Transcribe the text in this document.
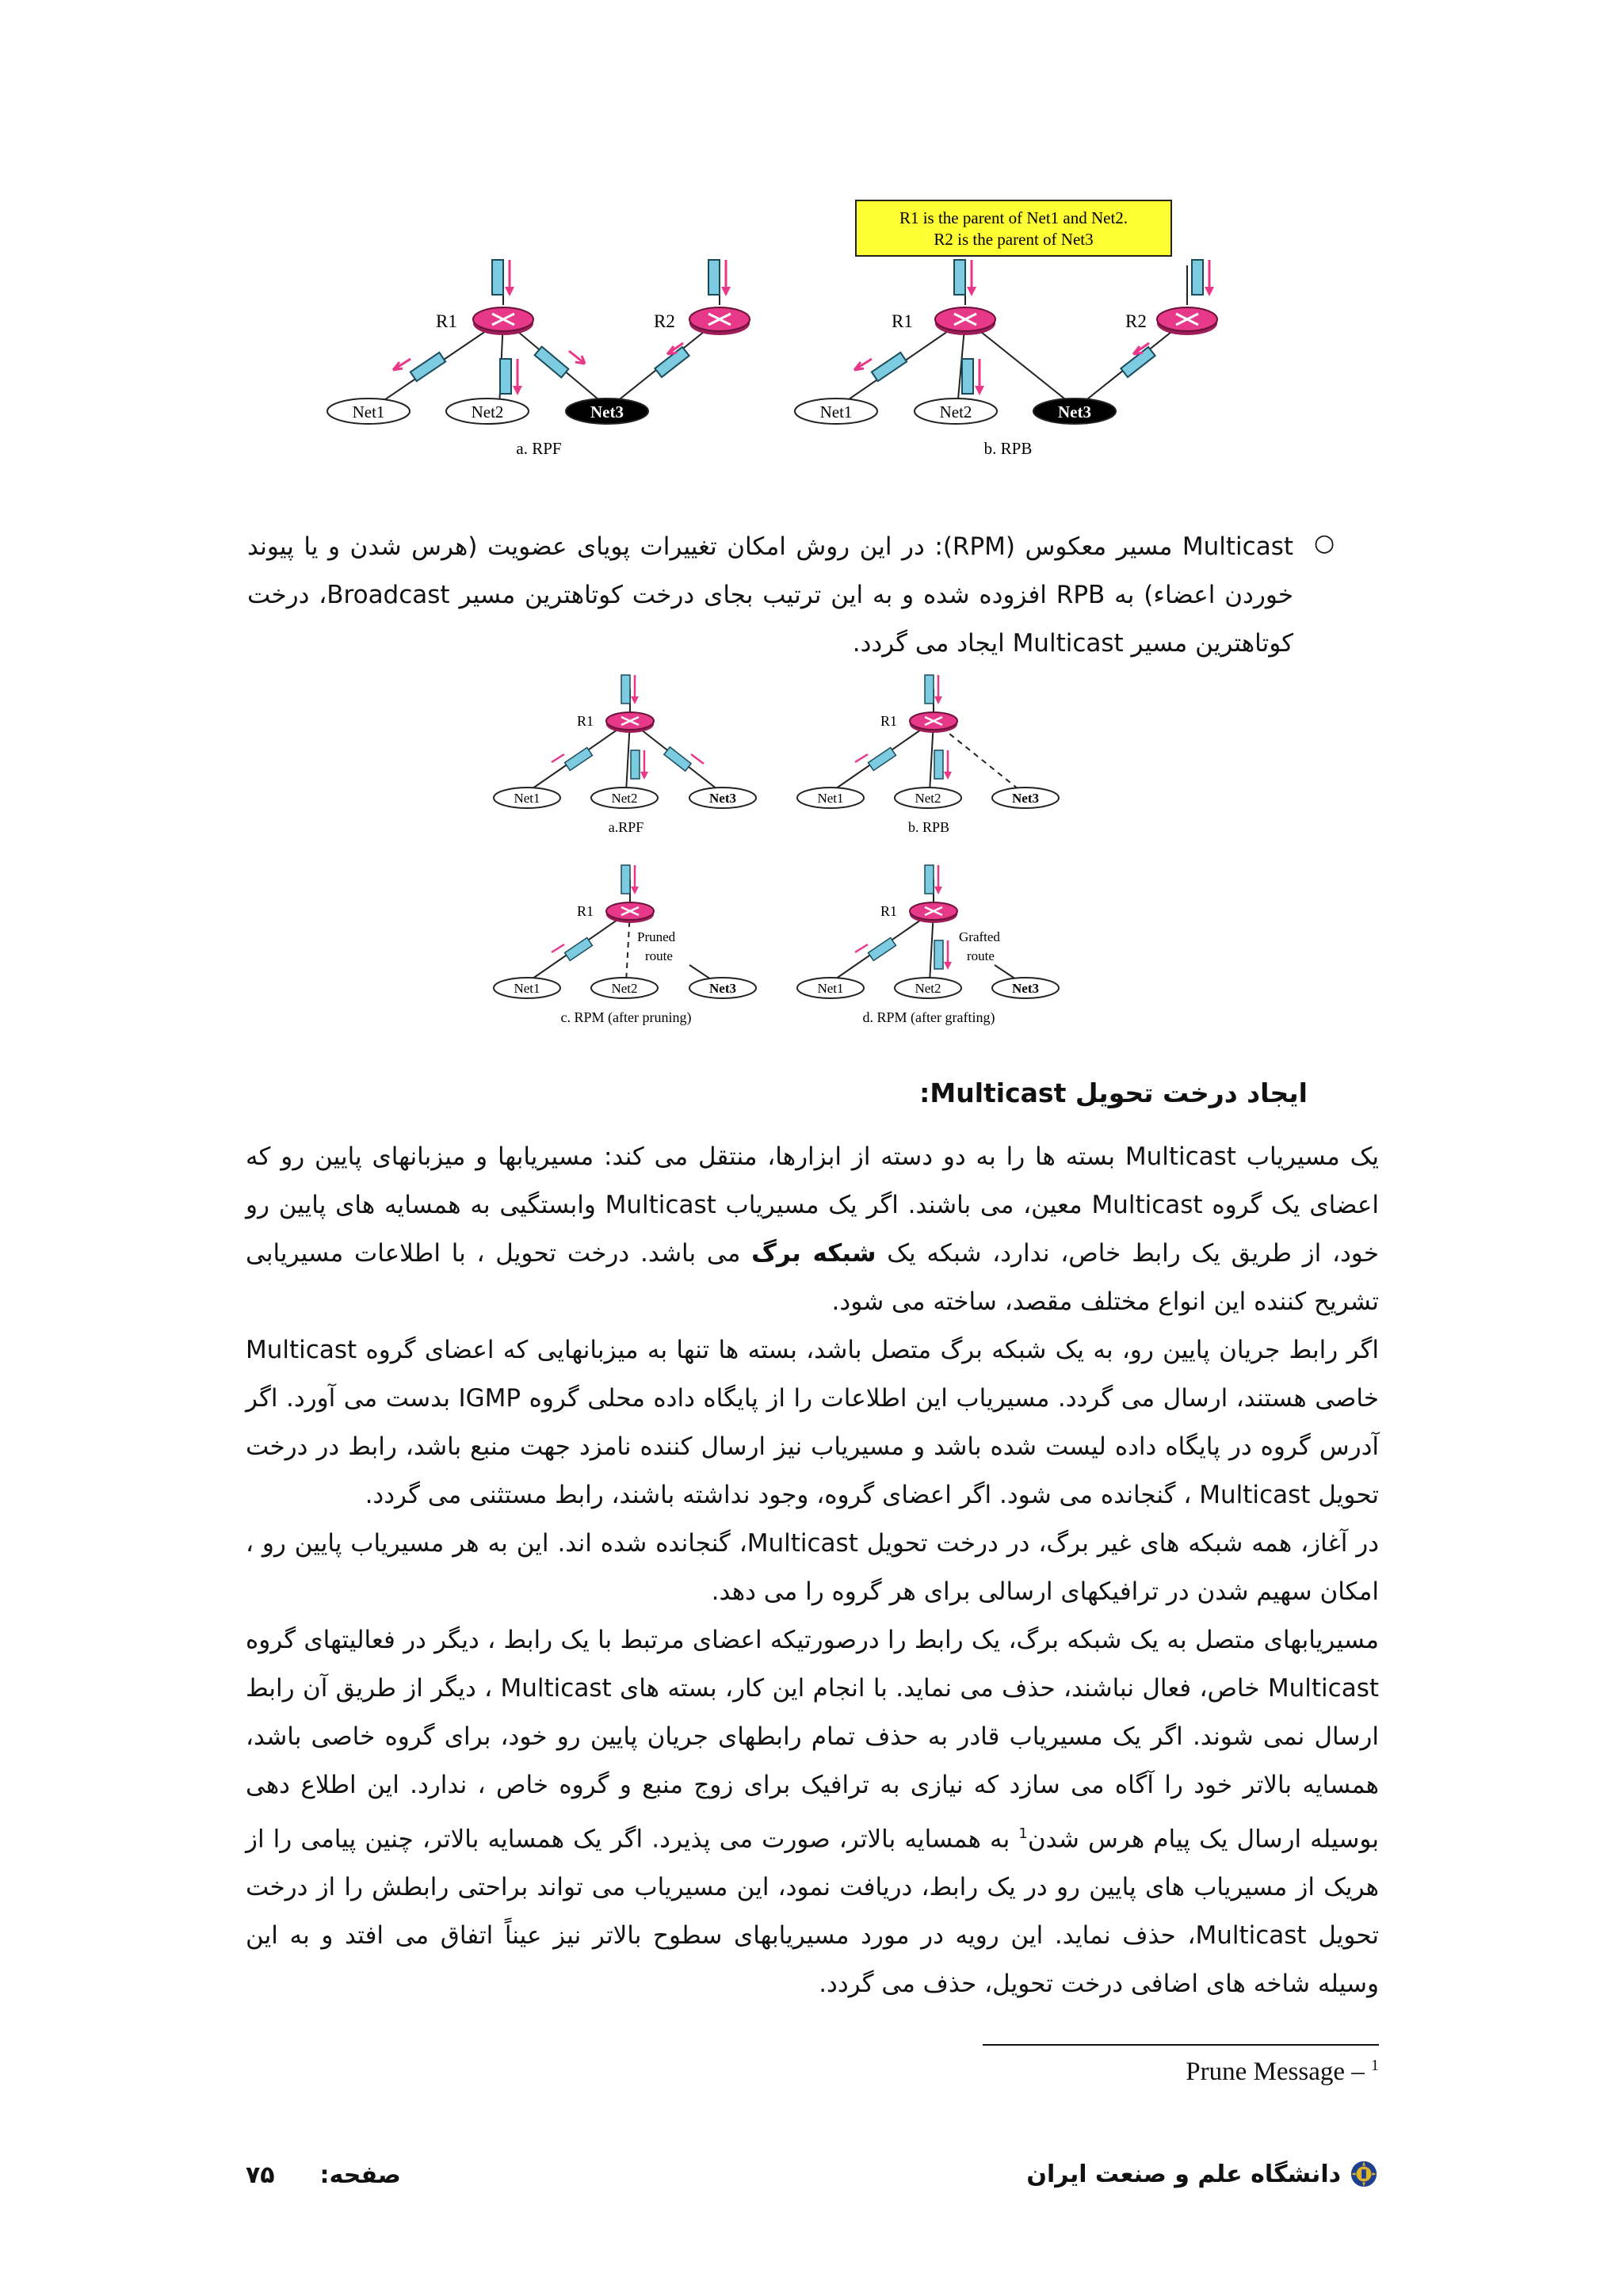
R1 is the parent of Net1 and Net2.
R2 is the parent of Net3
R1	R2
Net1	Net2	Net3
a. RPF
R1	R2
Net1	Net2	Net3
b. RPB
○

Multicast مسیر معکوس (RPM): در این روش امکان تغییرات پویای عضویت (هرس شدن و یا پیوند خوردن اعضاء) به RPB افزوده شده و به این ترتیب بجای درخت کوتاهترین مسیر Broadcast، درخت کوتاهترین مسیر Multicast ایجاد می گردد.

R1
Net1	Net2	Net3
a.RPF
R1
Net1	Net2	Net3
b. RPB
R1
Pruned
route
Net1	Net2	Net3
c. RPM (after pruning)
R1
Grafted
route
Net1	Net2	Net3
d. RPM (after grafting)
ایجاد درخت تحویل Multicast:

یک مسیریاب Multicast بسته ها را به دو دسته از ابزارها، منتقل می کند: مسیریابها و میزبانهای پایین رو که اعضای یک گروه Multicast معین، می باشند. اگر یک مسیریاب Multicast وابستگیی به همسایه های پایین رو خود، از طریق یک رابط خاص، ندارد، شبکه یک شبکه برگ می باشد. درخت تحویل ، با اطلاعات مسیریابی تشریح کننده این انواع مختلف مقصد، ساخته می شود.

اگر رابط جریان پایین رو، به یک شبکه برگ متصل باشد، بسته ها تنها به میزبانهایی که اعضای گروه Multicast خاصی هستند، ارسال می گردد. مسیریاب این اطلاعات را از پایگاه داده محلی گروه IGMP بدست می آورد. اگر آدرس گروه در پایگاه داده لیست شده باشد و مسیریاب نیز ارسال کننده نامزد جهت منبع باشد، رابط در درخت تحویل Multicast ، گنجانده می شود. اگر اعضای گروه، وجود نداشته باشند، رابط مستثنی می گردد.

در آغاز، همه شبکه های غیر برگ، در درخت تحویل Multicast، گنجانده شده اند. این به هر مسیریاب پایین رو ، امکان سهیم شدن در ترافیکهای ارسالی برای هر گروه را می دهد.

مسیریابهای متصل به یک شبکه برگ، یک رابط را درصورتیکه اعضای مرتبط با یک رابط ، دیگر در فعالیتهای گروه Multicast خاص، فعال نباشند، حذف می نماید. با انجام این کار، بسته های Multicast ، دیگر از طریق آن رابط ارسال نمی شوند. اگر یک مسیریاب قادر به حذف تمام رابطهای جریان پایین رو خود، برای گروه خاصی باشد، همسایه بالاتر خود را آگاه می سازد که نیازی به ترافیک برای زوج منبع و گروه خاص ، ندارد. این اطلاع دهی بوسیله ارسال یک پیام هرس شدن$^1$ به همسایه بالاتر، صورت می پذیرد. اگر یک همسایه بالاتر، چنین پیامی را از هریک از مسیریاب های پایین رو در یک رابط، دریافت نمود، این مسیریاب می تواند براحتی رابطش را از درخت تحویل Multicast، حذف نماید. این رویه در مورد مسیریابهای سطوح بالاتر نیز عیناً اتفاق می افتد و به این وسیله شاخه های اضافی درخت تحویل، حذف می گردد.

Prune Message – $^1$
دانشگاه علم و صنعت ایران
صفحه:  ۷۵
